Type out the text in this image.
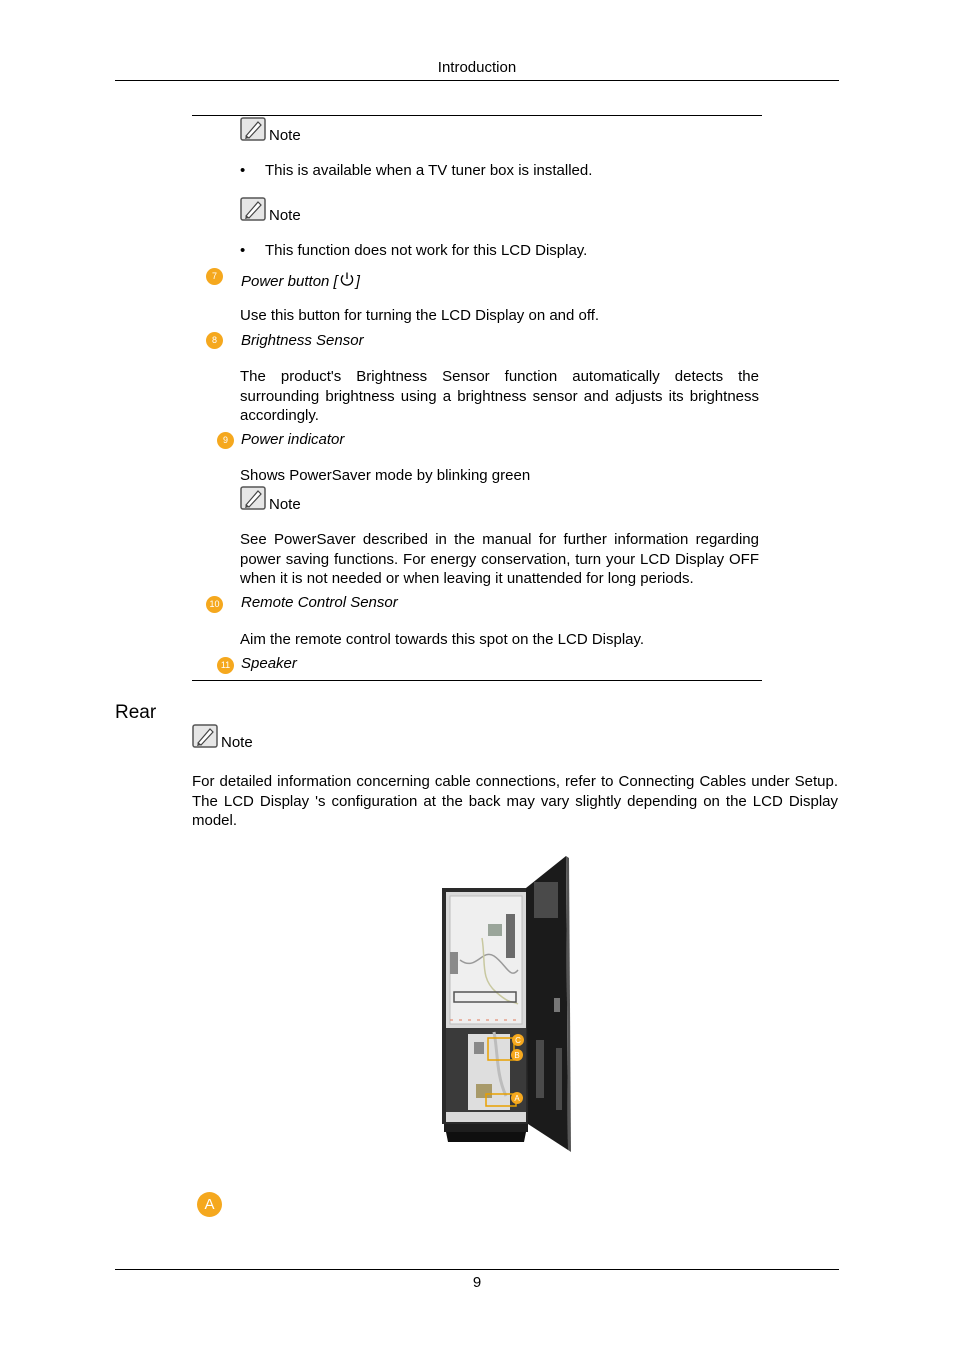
Introduction
Note
• This is available when a TV tuner box is installed.
Note
• This function does not work for this LCD Display.
7	Power button [ ]
Use this button for turning the LCD Display on and off.
8	Brightness Sensor
The product's Brightness Sensor function automatically detects the surrounding brightness using a brightness sensor and adjusts its brightness accordingly.
9 Power indicator
Shows PowerSaver mode by blinking green
Note
See PowerSaver described in the manual for further information regarding power saving functions. For energy conservation, turn your LCD Display OFF when it is not needed or when leaving it unattended for long periods.
10 Remote Control Sensor
Aim the remote control towards this spot on the LCD Display.
11 Speaker
Rear
Note
For detailed information concerning cable connections, refer to Connecting Cables under Setup. The LCD Display 's configuration at the back may vary slightly depending on the LCD Display model.
C
B
A
A
9
